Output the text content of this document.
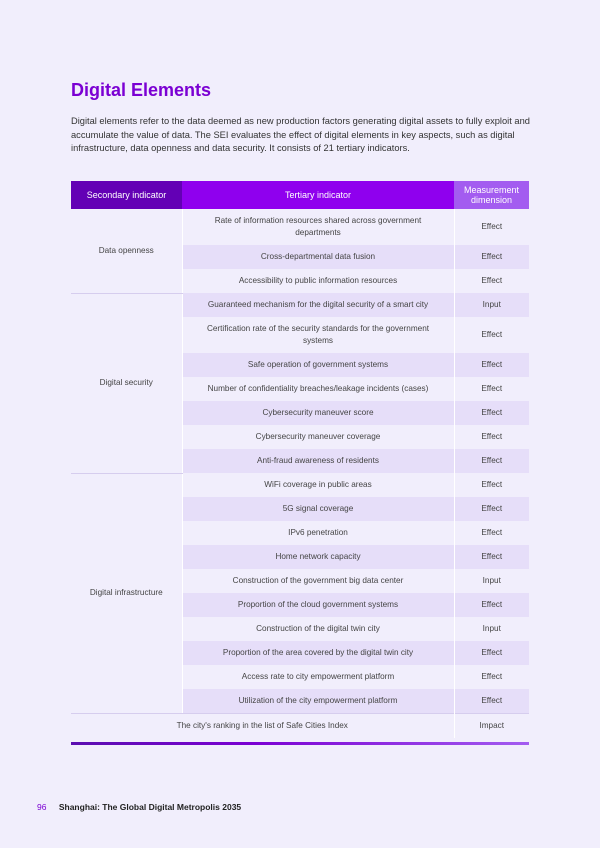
Digital Elements

Digital elements refer to the data deemed as new production factors generating digital assets to fully exploit and accumulate the value of data. The SEI evaluates the effect of digital elements in key aspects, such as digital infrastructure, data openness and data security. It consists of 21 tertiary indicators.

Secondary indicator	Tertiary indicator	Measurement dimension
Data openness	Rate of information resources shared across government departments	Effect
	Cross-departmental data fusion	Effect
	Accessibility to public information resources	Effect
Digital security	Guaranteed mechanism for the digital security of a smart city	Input
	Certification rate of the security standards for the government systems	Effect
	Safe operation of government systems	Effect
	Number of confidentiality breaches/leakage incidents (cases)	Effect
	Cybersecurity maneuver score	Effect
	Cybersecurity maneuver coverage	Effect
	Anti-fraud awareness of residents	Effect
Digital infrastructure	WiFi coverage in public areas	Effect
	5G signal coverage	Effect
	IPv6 penetration	Effect
	Home network capacity	Effect
	Construction of the government big data center	Input
	Proportion of the cloud government systems	Effect
	Construction of the digital twin city	Input
	Proportion of the area covered by the digital twin city	Effect
	Access rate to city empowerment platform	Effect
	Utilization of the city empowerment platform	Effect
The city's ranking in the list of Safe Cities Index		Impact
96 Shanghai: The Global Digital Metropolis 2035
